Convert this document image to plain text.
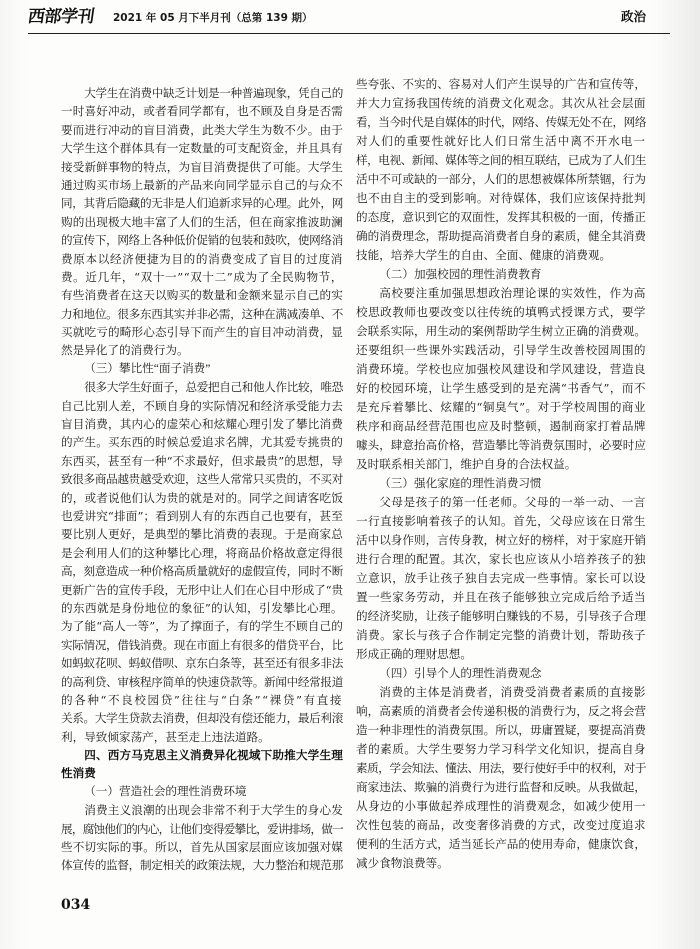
西部学刊 2021 年 05 月下半月刊（总第 139 期）	政治
大学生在消费中缺乏计划是一种普遍现象，凭自己的
一时喜好冲动，或者看同学都有，也不顾及自身是否需
要而进行冲动的盲目消费，此类大学生为数不少。由于
大学生这个群体具有一定数量的可支配资金，并且具有
接受新鲜事物的特点，为盲目消费提供了可能。大学生
通过购买市场上最新的产品来向同学显示自己的与众不
同，其背后隐藏的无非是人们追新求异的心理。此外，网
购的出现极大地丰富了人们的生活，但在商家推波助澜
的宣传下，网络上各种低价促销的包装和鼓吹，使网络消
费原本以经济便捷为目的的消费变成了盲目的过度消
费。近几年，“双十一”“双十二”成为了全民购物节，
有些消费者在这天以购买的数量和金额来显示自己的实
力和地位。很多东西其实并非必需，这种在满减凑单、不
买就吃亏的畸形心态引导下而产生的盲目冲动消费，显
然是异化了的消费行为。
（三）攀比性“面子消费”
很多大学生好面子，总爱把自己和他人作比较，唯恐
自己比别人差，不顾自身的实际情况和经济承受能力去
盲目消费，其内心的虚荣心和炫耀心理引发了攀比消费
的产生。买东西的时候总爱追求名牌，尤其爱专挑贵的
东西买，甚至有一种“不求最好，但求最贵”的思想，导
致很多商品越贵越受欢迎，这些人常常只买贵的，不买对
的，或者说他们认为贵的就是对的。同学之间请客吃饭
也爱讲究“排面”；看到别人有的东西自己也要有，甚至
要比别人更好，是典型的攀比消费的表现。于是商家总
是会利用人们的这种攀比心理，将商品价格故意定得很
高，刻意造成一种价格高质量就好的虚假宣传，同时不断
更新广告的宣传手段，无形中让人们在心目中形成了“贵
的东西就是身份地位的象征”的认知，引发攀比心理。
为了能“高人一等”，为了撑面子，有的学生不顾自己的
实际情况，借钱消费。现在市面上有很多的借贷平台，比
如蚂蚁花呗、蚂蚁借呗、京东白条等，甚至还有很多非法
的高利贷、审核程序简单的快速贷款等。新闻中经常报道
的各种“不良校园贷”往往与“白条”“裸贷”有直接
关系。大学生贷款去消费，但却没有偿还能力，最后利滚
利，导致倾家荡产，甚至走上违法道路。
四、西方马克思主义消费异化视域下助推大学生理
性消费
（一）营造社会的理性消费环境
消费主义浪潮的出现会非常不利于大学生的身心发
展，腐蚀他们的内心，让他们变得爱攀比，爱讲排场，做一
些不切实际的事。所以，首先从国家层面应该加强对媒
体宣传的监督，制定相关的政策法规，大力整治和规范那
些夸张、不实的、容易对人们产生误导的广告和宣传等，
并大力宣扬我国传统的消费文化观念。其次从社会层面
看，当今时代是自媒体的时代，网络、传媒无处不在，网络
对人们的重要性就好比人们日常生活中离不开水电一
样，电视、新闻、媒体等之间的相互联结，已成为了人们生
活中不可或缺的一部分，人们的思想被媒体所禁锢，行为
也不由自主的受到影响。对待媒体，我们应该保持批判
的态度，意识到它的双面性，发挥其积极的一面，传播正
确的消费理念，帮助提高消费者自身的素质，健全其消费
技能，培养大学生的自由、全面、健康的消费观。
（二）加强校园的理性消费教育
高校要注重加强思想政治理论课的实效性，作为高
校思政教师也要改变以往传统的填鸭式授课方式，要学
会联系实际，用生动的案例帮助学生树立正确的消费观。
还要组织一些课外实践活动，引导学生改善校园周围的
消费环境。学校也应加强校风建设和学风建设，营造良
好的校园环境，让学生感受到的是充满“书香气”，而不
是充斥着攀比、炫耀的“铜臭气”。对于学校周围的商业
秩序和商品经营范围也应及时整顿，遏制商家打着品牌
噱头，肆意抬高价格，营造攀比等消费氛围时，必要时应
及时联系相关部门，维护自身的合法权益。
（三）强化家庭的理性消费习惯
父母是孩子的第一任老师。父母的一举一动、一言
一行直接影响着孩子的认知。首先，父母应该在日常生
活中以身作则，言传身教，树立好的榜样，对于家庭开销
进行合理的配置。其次，家长也应该从小培养孩子的独
立意识，放手让孩子独自去完成一些事情。家长可以设
置一些家务劳动，并且在孩子能够独立完成后给予适当
的经济奖励，让孩子能够明白赚钱的不易，引导孩子合理
消费。家长与孩子合作制定完整的消费计划，帮助孩子
形成正确的理财思想。
（四）引导个人的理性消费观念
消费的主体是消费者，消费受消费者素质的直接影
响，高素质的消费者会传递积极的消费行为，反之将会营
造一种非理性的消费氛围。所以，毋庸置疑，要提高消费
者的素质。大学生要努力学习科学文化知识，提高自身
素质，学会知法、懂法、用法，要行使好手中的权利，对于
商家违法、欺骗的消费行为进行监督和反映。从我做起，
从身边的小事做起养成理性的消费观念，如减少使用一
次性包装的商品，改变奢侈消费的方式，改变过度追求
便利的生活方式，适当延长产品的使用寿命，健康饮食，
减少食物浪费等。
034
